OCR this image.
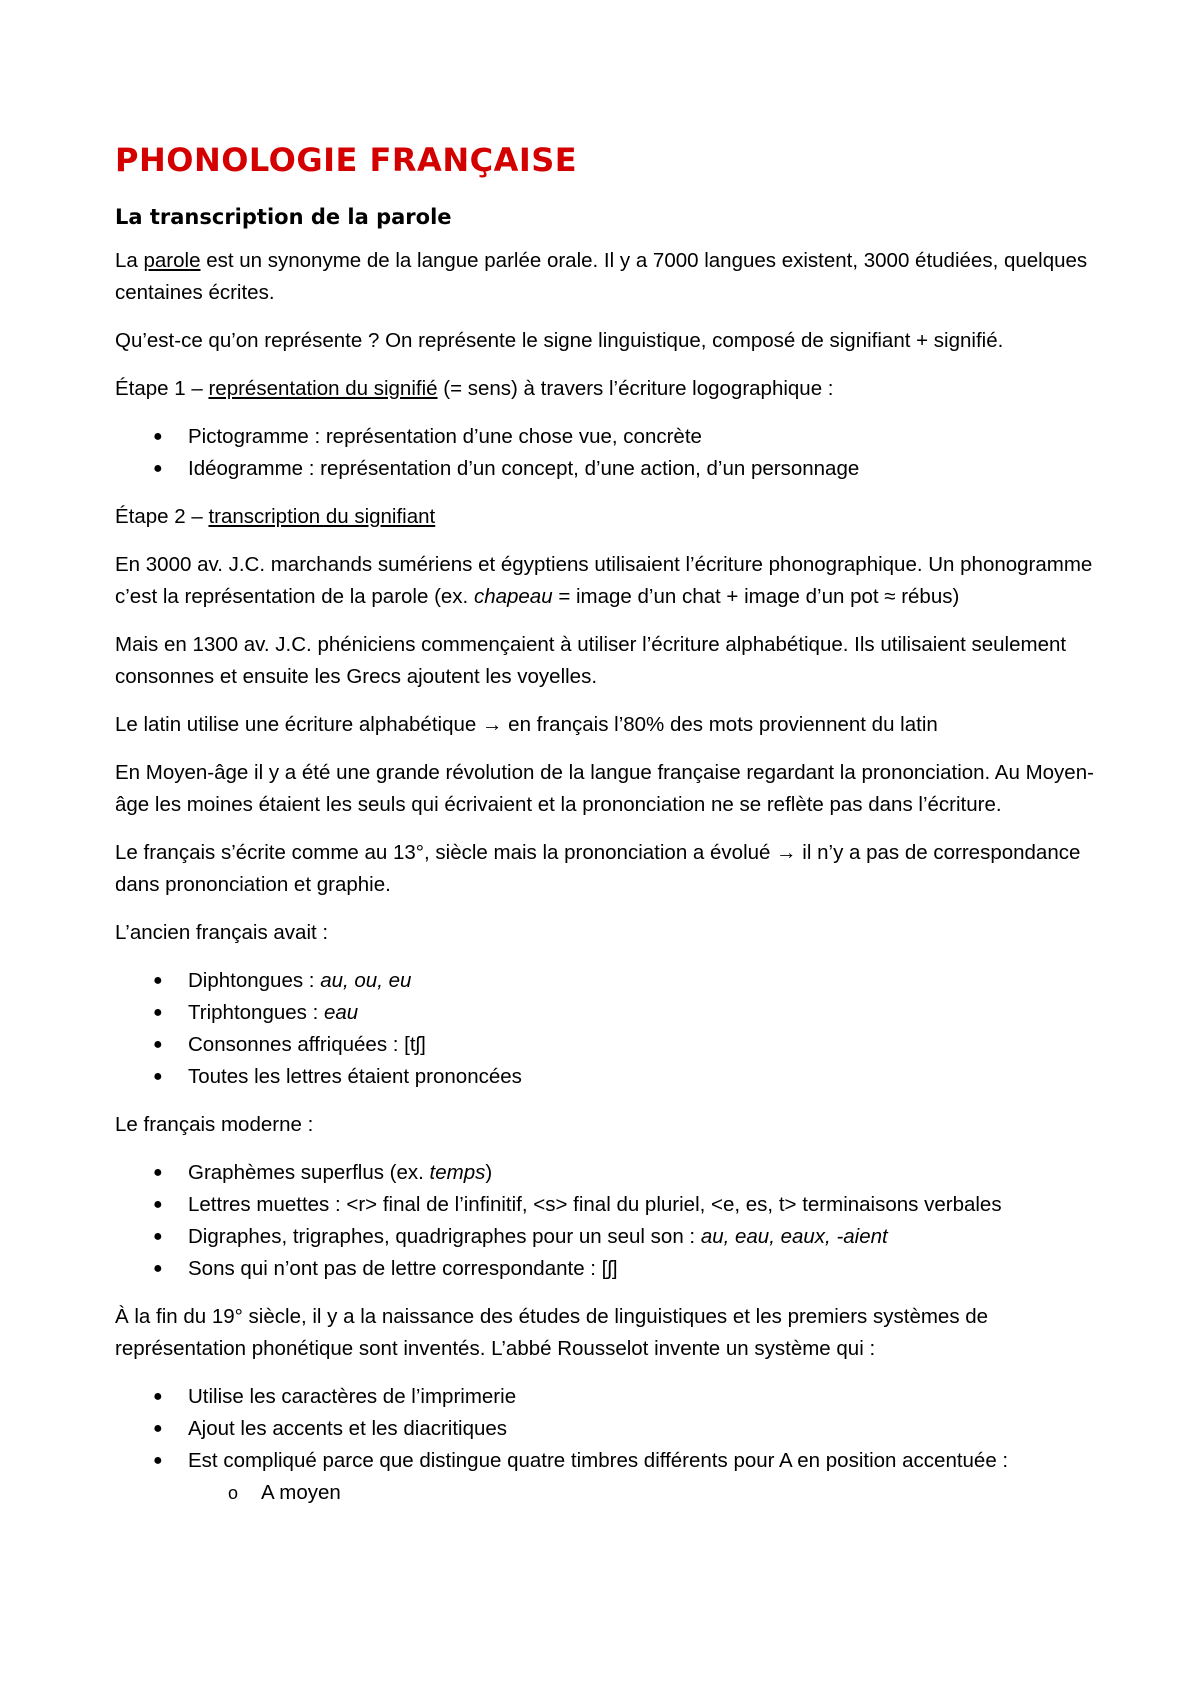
PHONOLOGIE FRANÇAISE
La transcription de la parole

La parole est un synonyme de la langue parlée orale. Il y a 7000 langues existent, 3000 étudiées, quelques centaines écrites.

Qu’est-ce qu’on représente ? On représente le signe linguistique, composé de signifiant + signifié.

Étape 1 – représentation du signifié (= sens) à travers l’écriture logographique :

● Pictogramme : représentation d’une chose vue, concrète
● Idéogramme : représentation d’un concept, d’une action, d’un personnage

Étape 2 – transcription du signifiant

En 3000 av. J.C. marchands sumériens et égyptiens utilisaient l’écriture phonographique. Un phonogramme c’est la représentation de la parole (ex. chapeau = image d’un chat + image d’un pot ≈ rébus)

Mais en 1300 av. J.C. phéniciens commençaient à utiliser l’écriture alphabétique. Ils utilisaient seulement consonnes et ensuite les Grecs ajoutent les voyelles.

Le latin utilise une écriture alphabétique → en français l’80% des mots proviennent du latin

En Moyen-âge il y a été une grande révolution de la langue française regardant la prononciation. Au Moyen-âge les moines étaient les seuls qui écrivaient et la prononciation ne se reflète pas dans l’écriture.

Le français s’écrite comme au 13°, siècle mais la prononciation a évolué → il n’y a pas de correspondance dans prononciation et graphie.

L’ancien français avait :

● Diphtongues : au, ou, eu
● Triphtongues : eau
● Consonnes affriquées : [tʃ]
● Toutes les lettres étaient prononcées

Le français moderne :

● Graphèmes superflus (ex. temps)
● Lettres muettes : <r> final de l’infinitif, <s> final du pluriel, <e, es, t> terminaisons verbales
● Digraphes, trigraphes, quadrigraphes pour un seul son : au, eau, eaux, -aient
● Sons qui n’ont pas de lettre correspondante : [ʃ]

À la fin du 19° siècle, il y a la naissance des études de linguistiques et les premiers systèmes de représentation phonétique sont inventés. L’abbé Rousselot invente un système qui :

● Utilise les caractères de l’imprimerie
● Ajout les accents et les diacritiques
● Est compliqué parce que distingue quatre timbres différents pour A en position accentuée :
o A moyen
